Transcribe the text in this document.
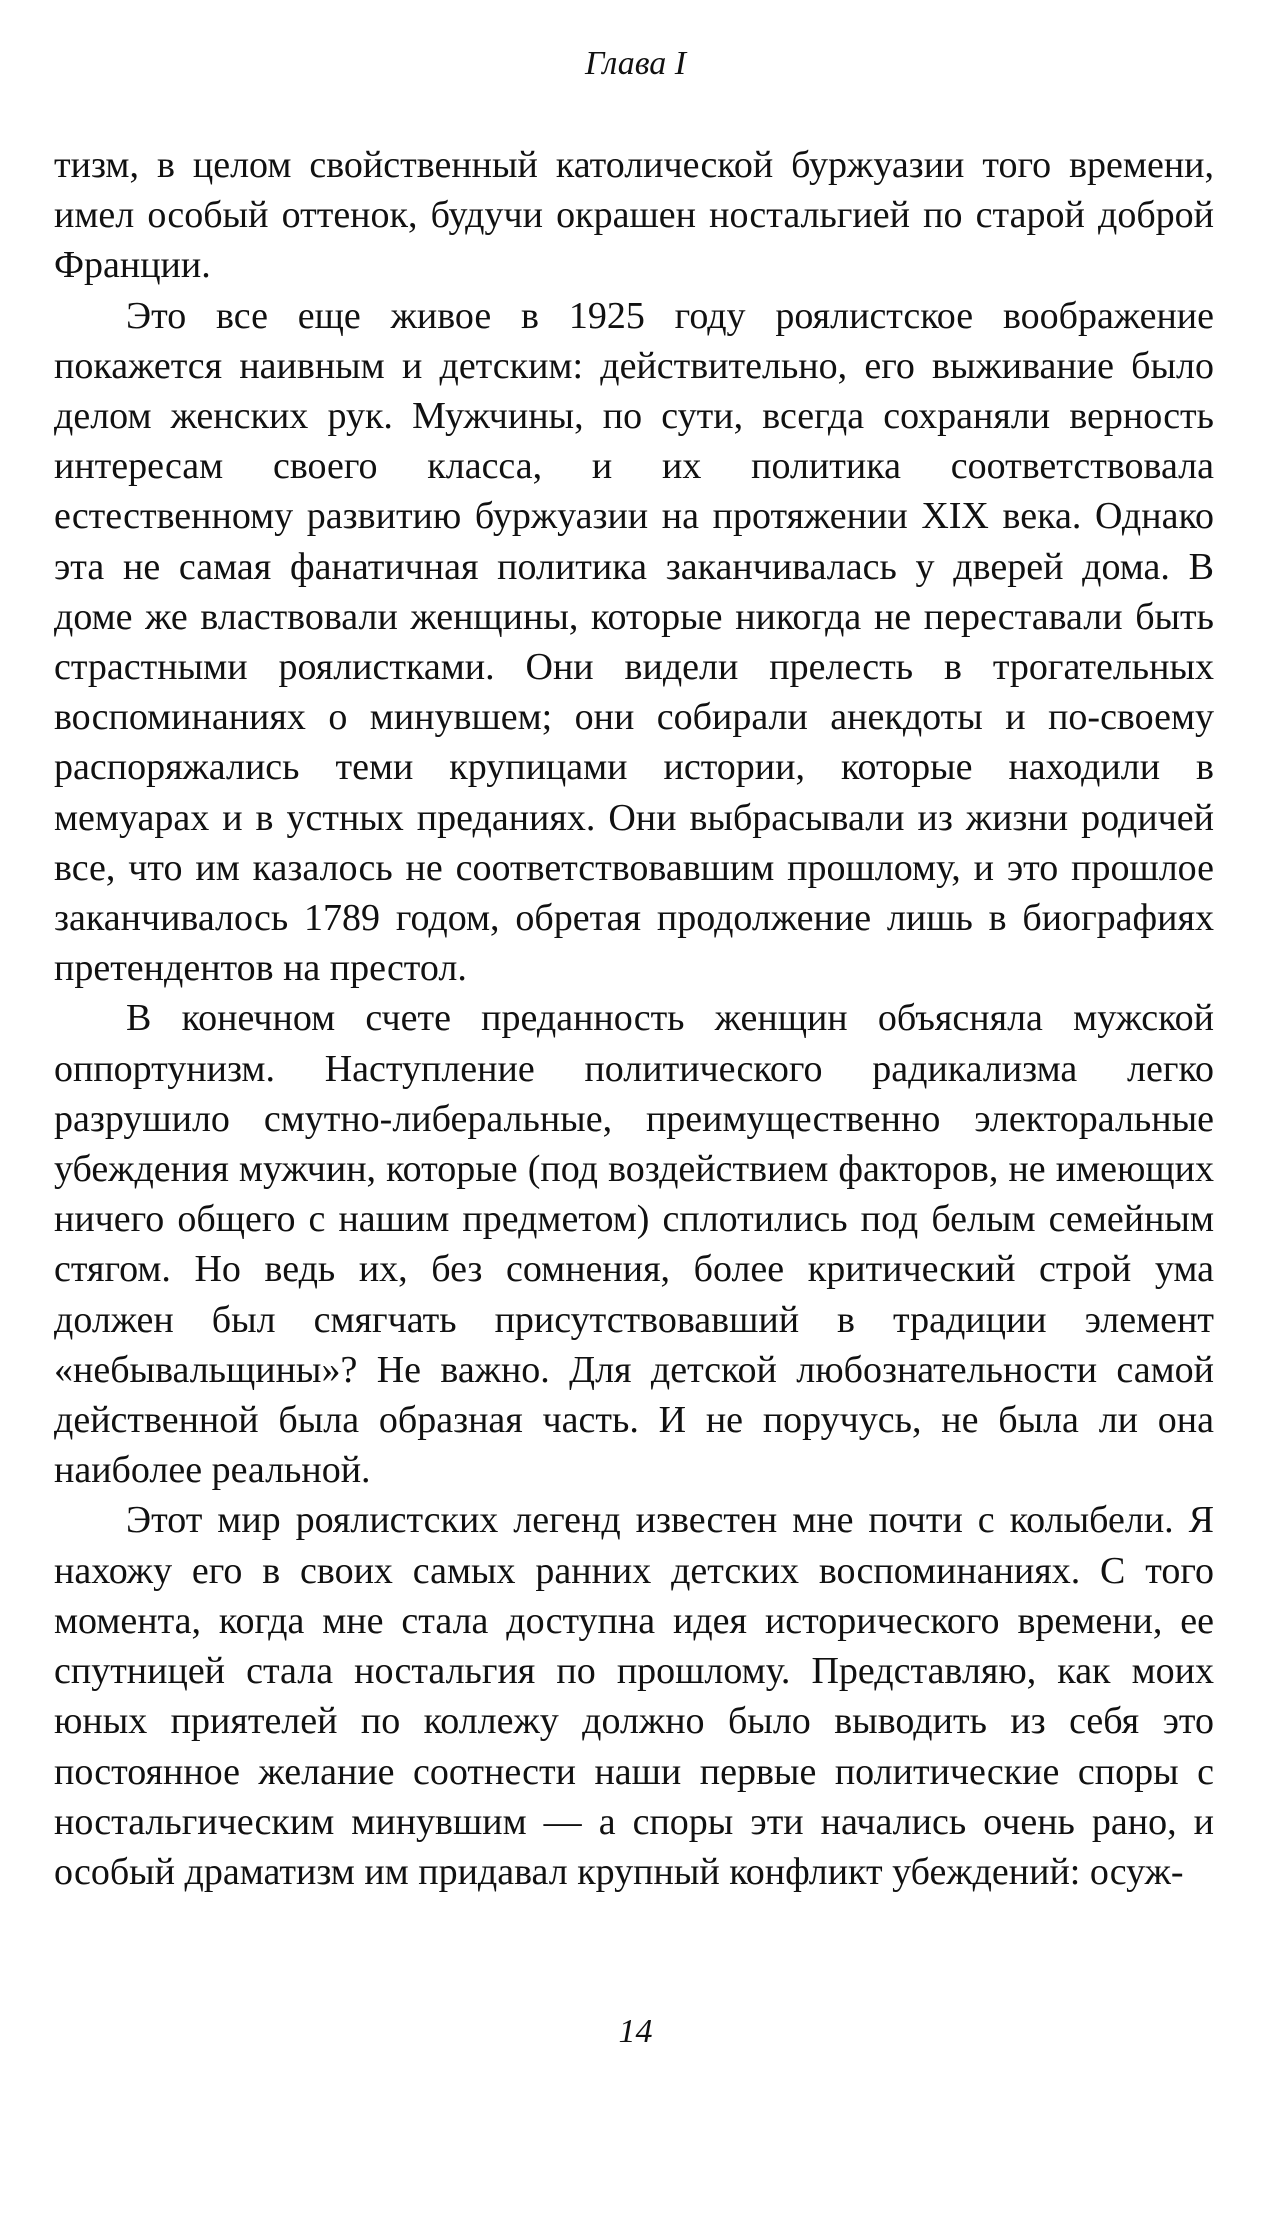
Глава I

тизм, в целом свойственный католической буржуазии того времени, имел особый оттенок, будучи окрашен ностальгией по старой доброй Франции.

Это все еще живое в 1925 году роялистское воображение покажется наивным и детским: действительно, его выживание было делом женских рук. Мужчины, по сути, всегда сохраняли верность интересам своего класса, и их политика соответствовала естественному развитию буржуазии на протяжении XIX века. Однако эта не самая фанатичная политика заканчивалась у дверей дома. В доме же властвовали женщины, которые никогда не переставали быть страстными роялистками. Они видели прелесть в трогательных воспоминаниях о минувшем; они собирали анекдоты и по-своему распоряжались теми крупицами истории, которые находили в мемуарах и в устных преданиях. Они выбрасывали из жизни родичей все, что им казалось не соответствовавшим прошлому, и это прошлое заканчивалось 1789 годом, обретая продолжение лишь в биографиях претендентов на престол.

В конечном счете преданность женщин объясняла мужской оппортунизм. Наступление политического радикализма легко разрушило смутно-либеральные, преимущественно электоральные убеждения мужчин, которые (под воздействием факторов, не имеющих ничего общего с нашим предметом) сплотились под белым семейным стягом. Но ведь их, без сомнения, более критический строй ума должен был смягчать присутствовавший в традиции элемент «небывальщины»? Не важно. Для детской любознательности самой действенной была образная часть. И не поручусь, не была ли она наиболее реальной.

Этот мир роялистских легенд известен мне почти с колыбели. Я нахожу его в своих самых ранних детских воспоминаниях. С того момента, когда мне стала доступна идея исторического времени, ее спутницей стала ностальгия по прошлому. Представляю, как моих юных приятелей по коллежу должно было выводить из себя это постоянное желание соотнести наши первые политические споры с ностальгическим минувшим — а споры эти начались очень рано, и особый драматизм им придавал крупный конфликт убеждений: осуж-

14
